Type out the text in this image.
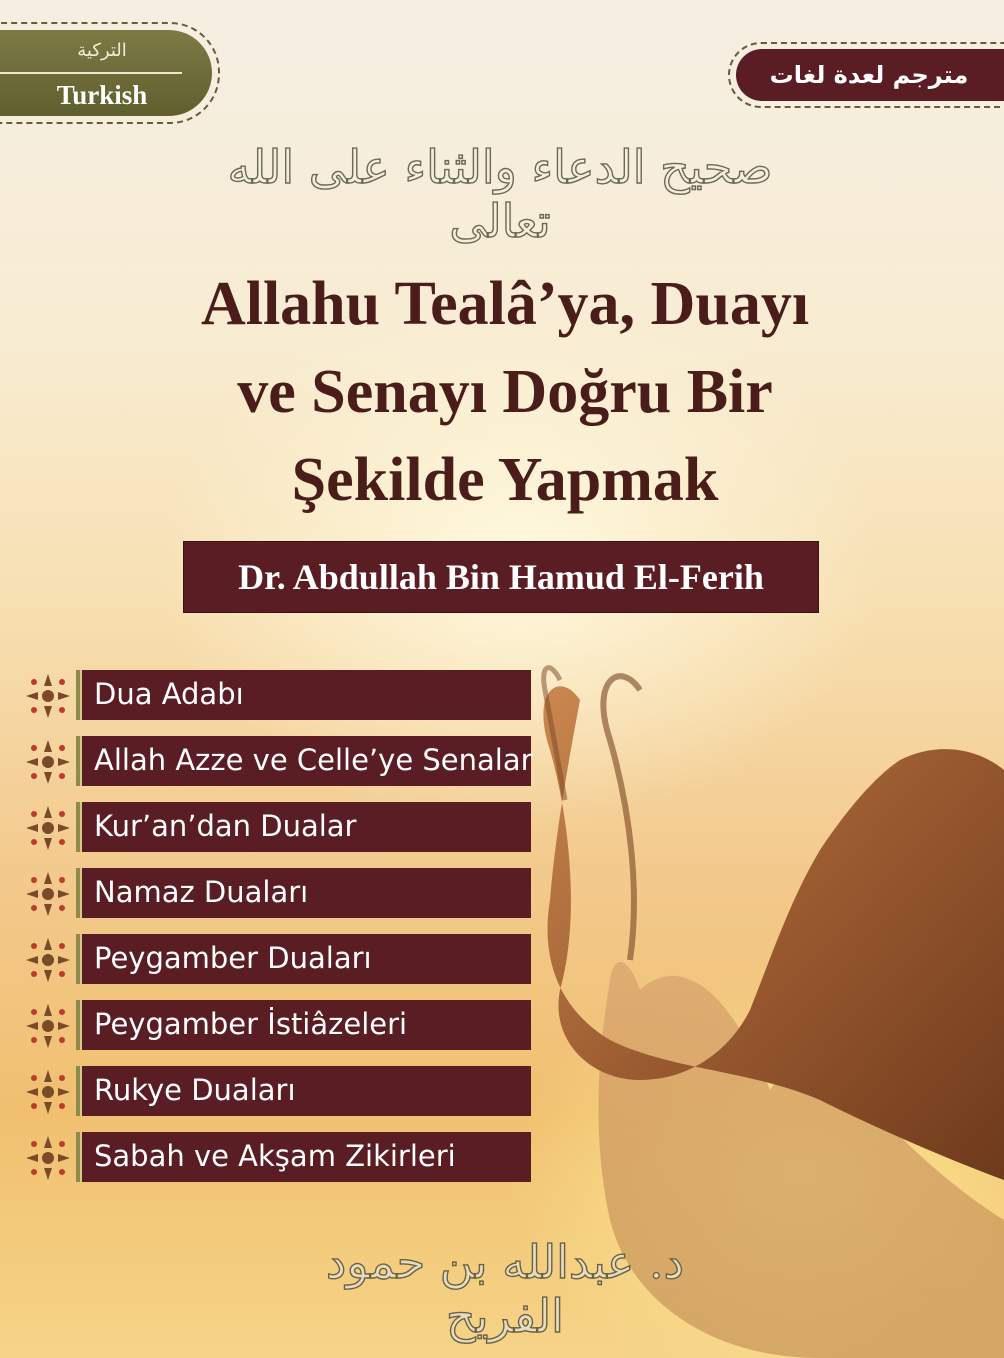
التركية
Turkish
مترجم لعدة لغات
صحيح الدعاء والثناء على الله تعالى
Allahu Tealâ’ya, Duayı
ve Senayı Doğru Bir
Şekilde Yapmak
Dr. Abdullah Bin Hamud El-Ferih
Dua Adabı
Allah Azze ve Celle’ye Senalar
Kur’an’dan Dualar
Namaz Duaları
Peygamber Duaları
Peygamber İstiâzeleri
Rukye Duaları
Sabah ve Akşam Zikirleri
د. عبدالله بن حمود الفريح
